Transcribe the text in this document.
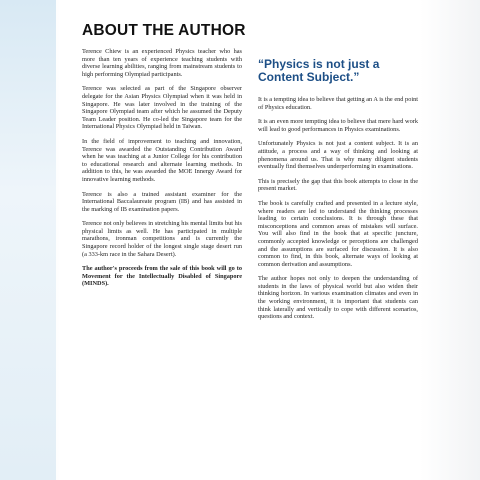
ABOUT THE AUTHOR

Terence Chiew is an experienced Physics teacher who has more than ten years of experience teaching students with diverse learning abilities, ranging from mainstream students to high performing Olympiad participants.

Terence was selected as part of the Singapore observer delegate for the Asian Physics Olympiad when it was held in Singapore. He was later involved in the training of the Singapore Olympiad team after which he assumed the Deputy Team Leader position. He co-led the Singapore team for the International Physics Olympiad held in Taiwan.

In the field of improvement to teaching and innovation, Terence was awarded the Outstanding Contribution Award when he was teaching at a Junior College for his contribution to educational research and alternate learning methods. In addition to this, he was awarded the MOE Innergy Award for innovative learning methods.

Terence is also a trained assistant examiner for the International Baccalaureate program (IB) and has assisted in the marking of IB examination papers.

Terence not only believes in stretching his mental limits but his physical limits as well. He has participated in multiple marathons, ironman competitions and is currently the Singapore record holder of the longest single stage desert run (a 333-km race in the Sahara Desert).

The author's proceeds from the sale of this book will go to Movement for the Intellectually Disabled of Singapore (MINDS).

“Physics is not just a Content Subject.”

It is a tempting idea to believe that getting an A is the end point of Physics education.

It is an even more tempting idea to believe that mere hard work will lead to good performances in Physics examinations.

Unfortunately Physics is not just a content subject. It is an attitude, a process and a way of thinking and looking at phenomena around us. That is why many diligent students eventually find themselves underperforming in examinations.

This is precisely the gap that this book attempts to close in the present market.

The book is carefully crafted and presented in a lecture style, where readers are led to understand the thinking processes leading to certain conclusions. It is through these that misconceptions and common areas of mistakes will surface. You will also find in the book that at specific juncture, commonly accepted knowledge or perceptions are challenged and the assumptions are surfaced for discussion. It is also common to find, in this book, alternate ways of looking at common derivation and assumptions.

The author hopes not only to deepen the understanding of students in the laws of physical world but also widen their thinking horizon. In various examination climates and even in the working environment, it is important that students can think laterally and vertically to cope with different scenarios, questions and context.
